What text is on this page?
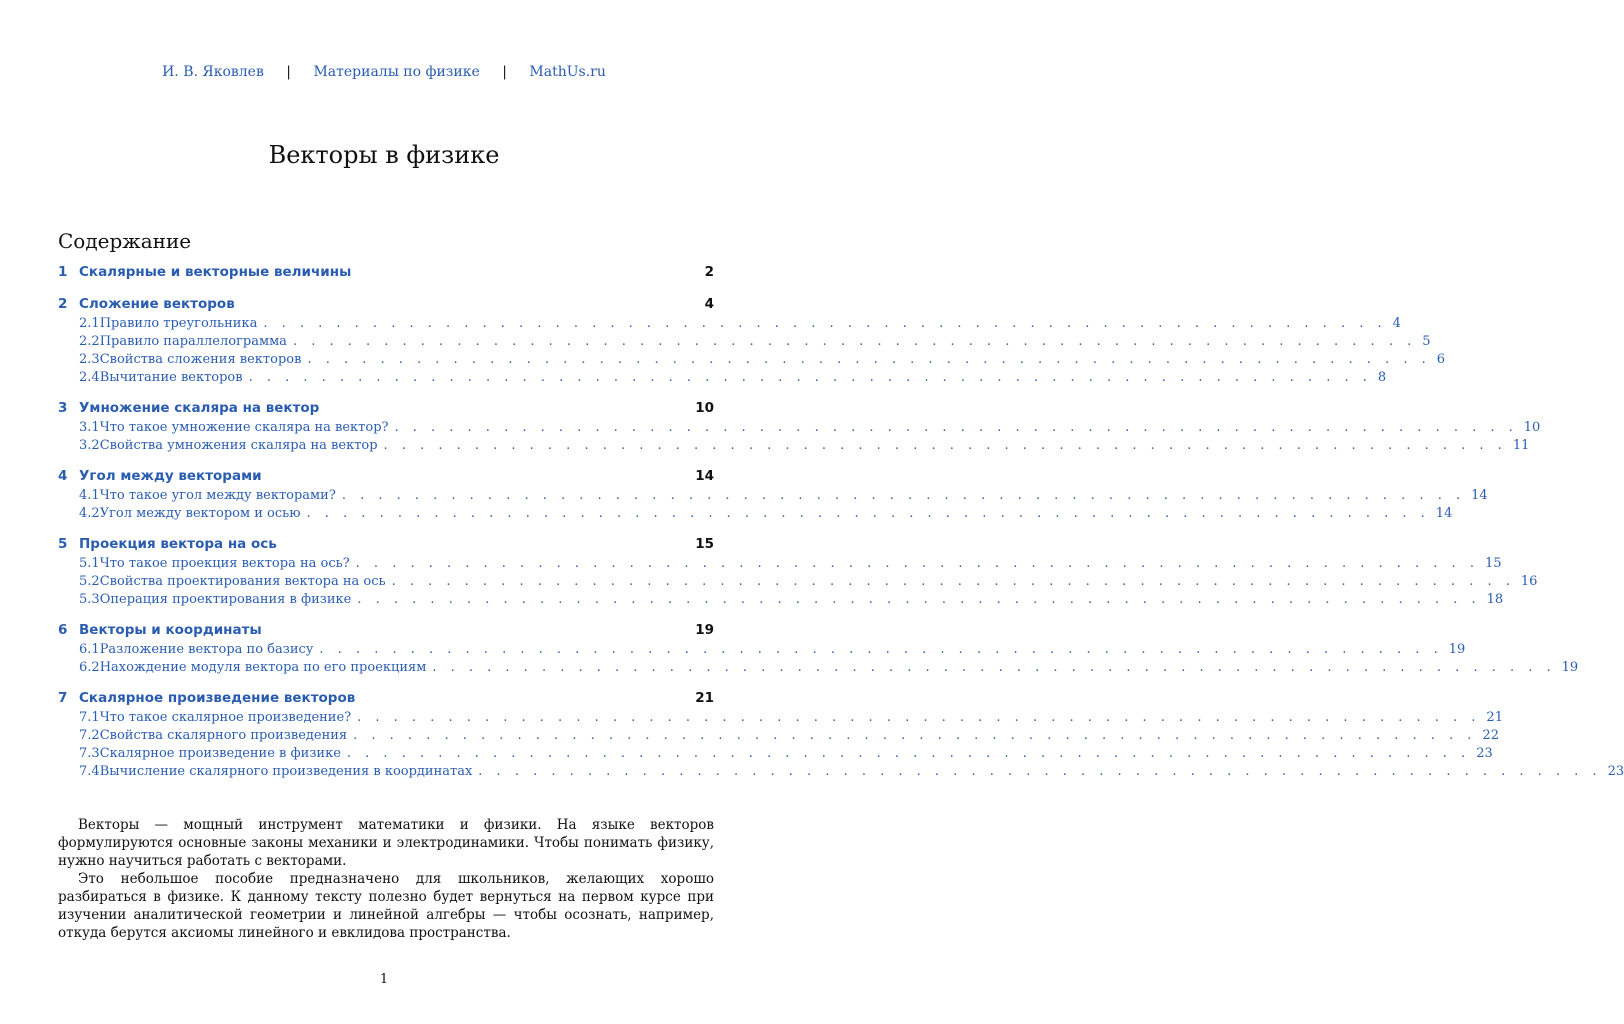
И. В. Яковлев | Материалы по физике | MathUs.ru
Векторы в физике
Содержание
1 Скалярные и векторные величины	2
2 Сложение векторов	4
2.1 Правило треугольника . . . . . . . . . . . . . . . . . . . . . . . . . . . . . . . . . . . . . . . . . . . . . . . . . . . . . . . . . . . . . . 4
2.2 Правило параллелограмма . . . . . . . . . . . . . . . . . . . . . . . . . . . . . . . . . . . . . . . . . . . . . . . . . . . . . . . . . . . . . . 5
2.3 Свойства сложения векторов . . . . . . . . . . . . . . . . . . . . . . . . . . . . . . . . . . . . . . . . . . . . . . . . . . . . . . . . . . . . . . 6
2.4 Вычитание векторов . . . . . . . . . . . . . . . . . . . . . . . . . . . . . . . . . . . . . . . . . . . . . . . . . . . . . . . . . . . . . . 8
3 Умножение скаляра на вектор	10
3.1 Что такое умножение скаляра на вектор? . . . . . . . . . . . . . . . . . . . . . . . . . . . . . . . . . . . . . . . . . . . . . . . . . . . . . . . . . . . . . . 10
3.2 Свойства умножения скаляра на вектор . . . . . . . . . . . . . . . . . . . . . . . . . . . . . . . . . . . . . . . . . . . . . . . . . . . . . . . . . . . . . . 11
4 Угол между векторами	14
4.1 Что такое угол между векторами? . . . . . . . . . . . . . . . . . . . . . . . . . . . . . . . . . . . . . . . . . . . . . . . . . . . . . . . . . . . . . . 14
4.2 Угол между вектором и осью . . . . . . . . . . . . . . . . . . . . . . . . . . . . . . . . . . . . . . . . . . . . . . . . . . . . . . . . . . . . . . 14
5 Проекция вектора на ось	15
5.1 Что такое проекция вектора на ось? . . . . . . . . . . . . . . . . . . . . . . . . . . . . . . . . . . . . . . . . . . . . . . . . . . . . . . . . . . . . . . 15
5.2 Свойства проектирования вектора на ось . . . . . . . . . . . . . . . . . . . . . . . . . . . . . . . . . . . . . . . . . . . . . . . . . . . . . . . . . . . . . . 16
5.3 Операция проектирования в физике . . . . . . . . . . . . . . . . . . . . . . . . . . . . . . . . . . . . . . . . . . . . . . . . . . . . . . . . . . . . . . 18
6 Векторы и координаты	19
6.1 Разложение вектора по базису . . . . . . . . . . . . . . . . . . . . . . . . . . . . . . . . . . . . . . . . . . . . . . . . . . . . . . . . . . . . . . 19
6.2 Нахождение модуля вектора по его проекциям . . . . . . . . . . . . . . . . . . . . . . . . . . . . . . . . . . . . . . . . . . . . . . . . . . . . . . . . . . . . . . 19
7 Скалярное произведение векторов	21
7.1 Что такое скалярное произведение? . . . . . . . . . . . . . . . . . . . . . . . . . . . . . . . . . . . . . . . . . . . . . . . . . . . . . . . . . . . . . . 21
7.2 Свойства скалярного произведения . . . . . . . . . . . . . . . . . . . . . . . . . . . . . . . . . . . . . . . . . . . . . . . . . . . . . . . . . . . . . . 22
7.3 Скалярное произведение в физике . . . . . . . . . . . . . . . . . . . . . . . . . . . . . . . . . . . . . . . . . . . . . . . . . . . . . . . . . . . . . . 23
7.4 Вычисление скалярного произведения в координатах . . . . . . . . . . . . . . . . . . . . . . . . . . . . . . . . . . . . . . . . . . . . . . . . . . . . . . . . . . . . . . 23

Векторы — мощный инструмент математики и физики. На языке векторов формулируются основные законы механики и электродинамики. Чтобы понимать физику, нужно научиться работать с векторами.

Это небольшое пособие предназначено для школьников, желающих хорошо разбираться в физике. К данному тексту полезно будет вернуться на первом курсе при изучении аналитической геометрии и линейной алгебры — чтобы осознать, например, откуда берутся аксиомы линейного и евклидова пространства.

1
